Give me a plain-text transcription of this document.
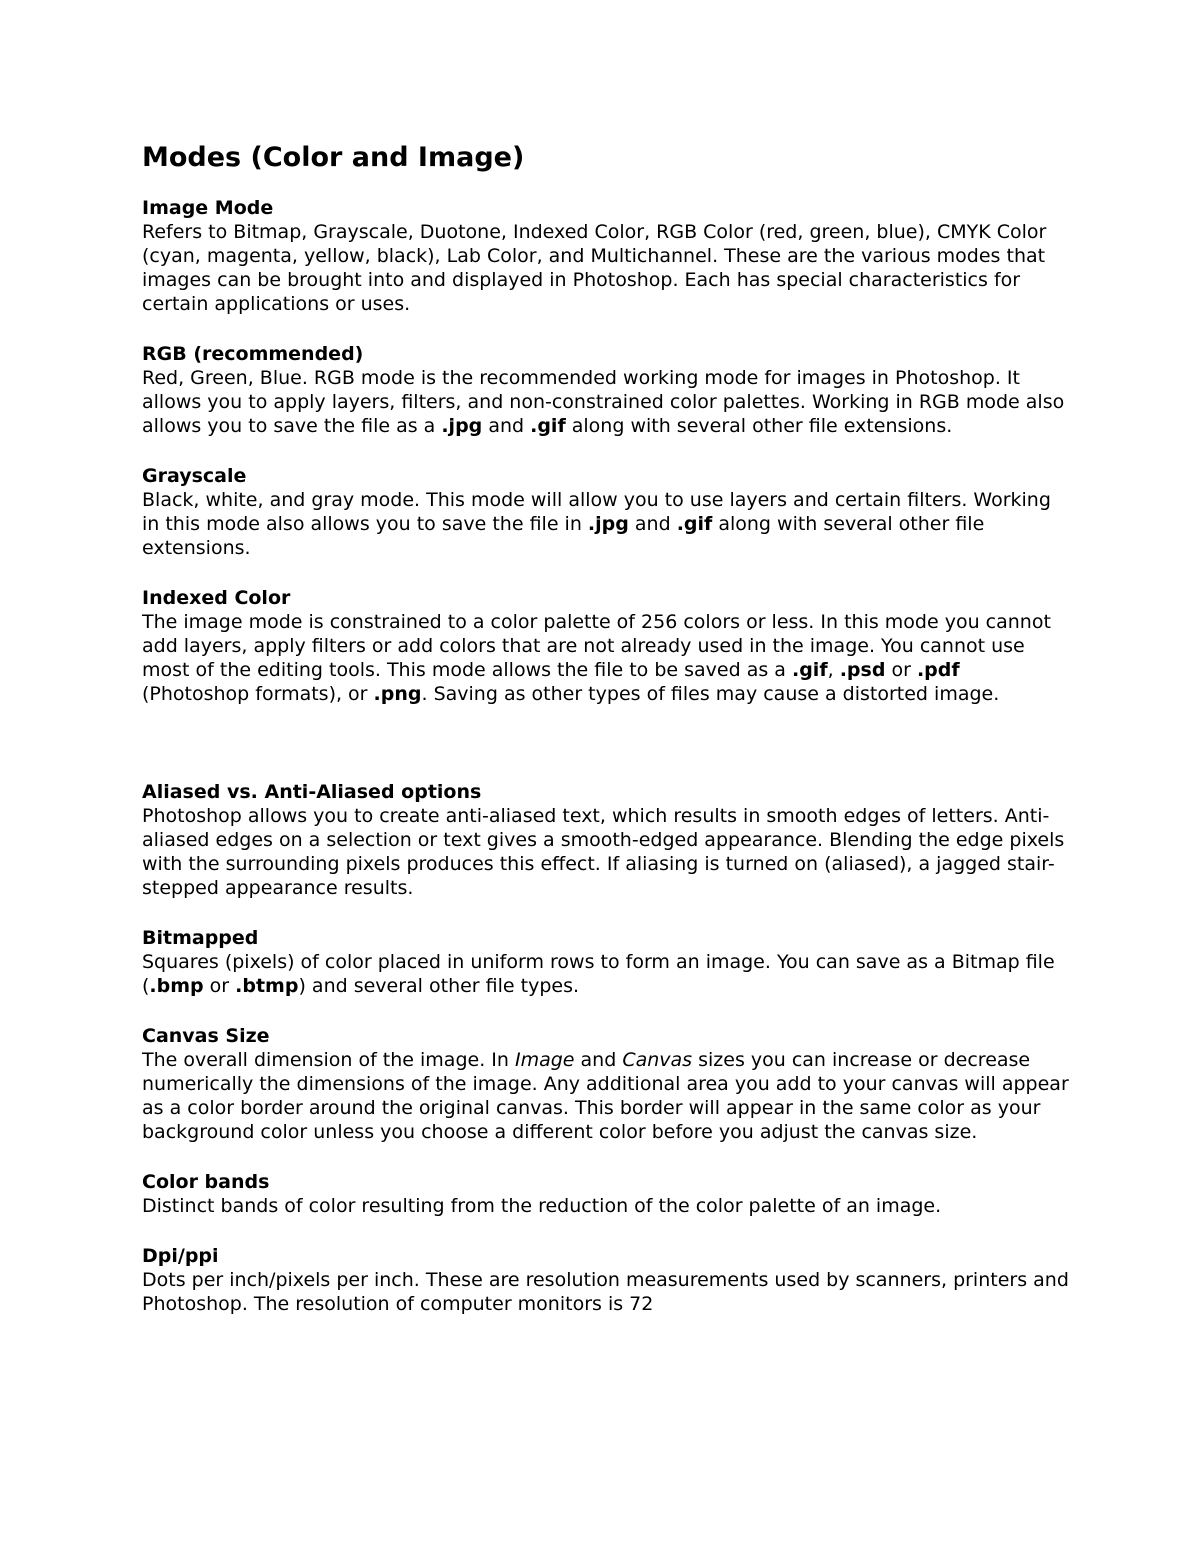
Modes (Color and Image)
Image Mode

Refers to Bitmap, Grayscale, Duotone, Indexed Color, RGB Color (red, green, blue), CMYK Color (cyan, magenta, yellow, black), Lab Color, and Multichannel. These are the various modes that images can be brought into and displayed in Photoshop. Each has special characteristics for certain applications or uses.

RGB (recommended)

Red, Green, Blue. RGB mode is the recommended working mode for images in Photoshop. It allows you to apply layers, filters, and non-constrained color palettes. Working in RGB mode also allows you to save the file as a .jpg and .gif along with several other file extensions.

Grayscale

Black, white, and gray mode. This mode will allow you to use layers and certain filters. Working in this mode also allows you to save the file in .jpg and .gif along with several other file extensions.

Indexed Color

The image mode is constrained to a color palette of 256 colors or less. In this mode you cannot add layers, apply filters or add colors that are not already used in the image. You cannot use most of the editing tools. This mode allows the file to be saved as a .gif, .psd or .pdf (Photoshop formats), or .png. Saving as other types of files may cause a distorted image.

Aliased vs. Anti-Aliased options

Photoshop allows you to create anti-aliased text, which results in smooth edges of letters. Anti-aliased edges on a selection or text gives a smooth-edged appearance. Blending the edge pixels with the surrounding pixels produces this effect. If aliasing is turned on (aliased), a jagged stair-stepped appearance results.

Bitmapped

Squares (pixels) of color placed in uniform rows to form an image. You can save as a Bitmap file (.bmp or .btmp) and several other file types.

Canvas Size

The overall dimension of the image. In Image and Canvas sizes you can increase or decrease numerically the dimensions of the image. Any additional area you add to your canvas will appear as a color border around the original canvas. This border will appear in the same color as your background color unless you choose a different color before you adjust the canvas size.

Color bands

Distinct bands of color resulting from the reduction of the color palette of an image.

Dpi/ppi

Dots per inch/pixels per inch. These are resolution measurements used by scanners, printers and Photoshop. The resolution of computer monitors is 72
